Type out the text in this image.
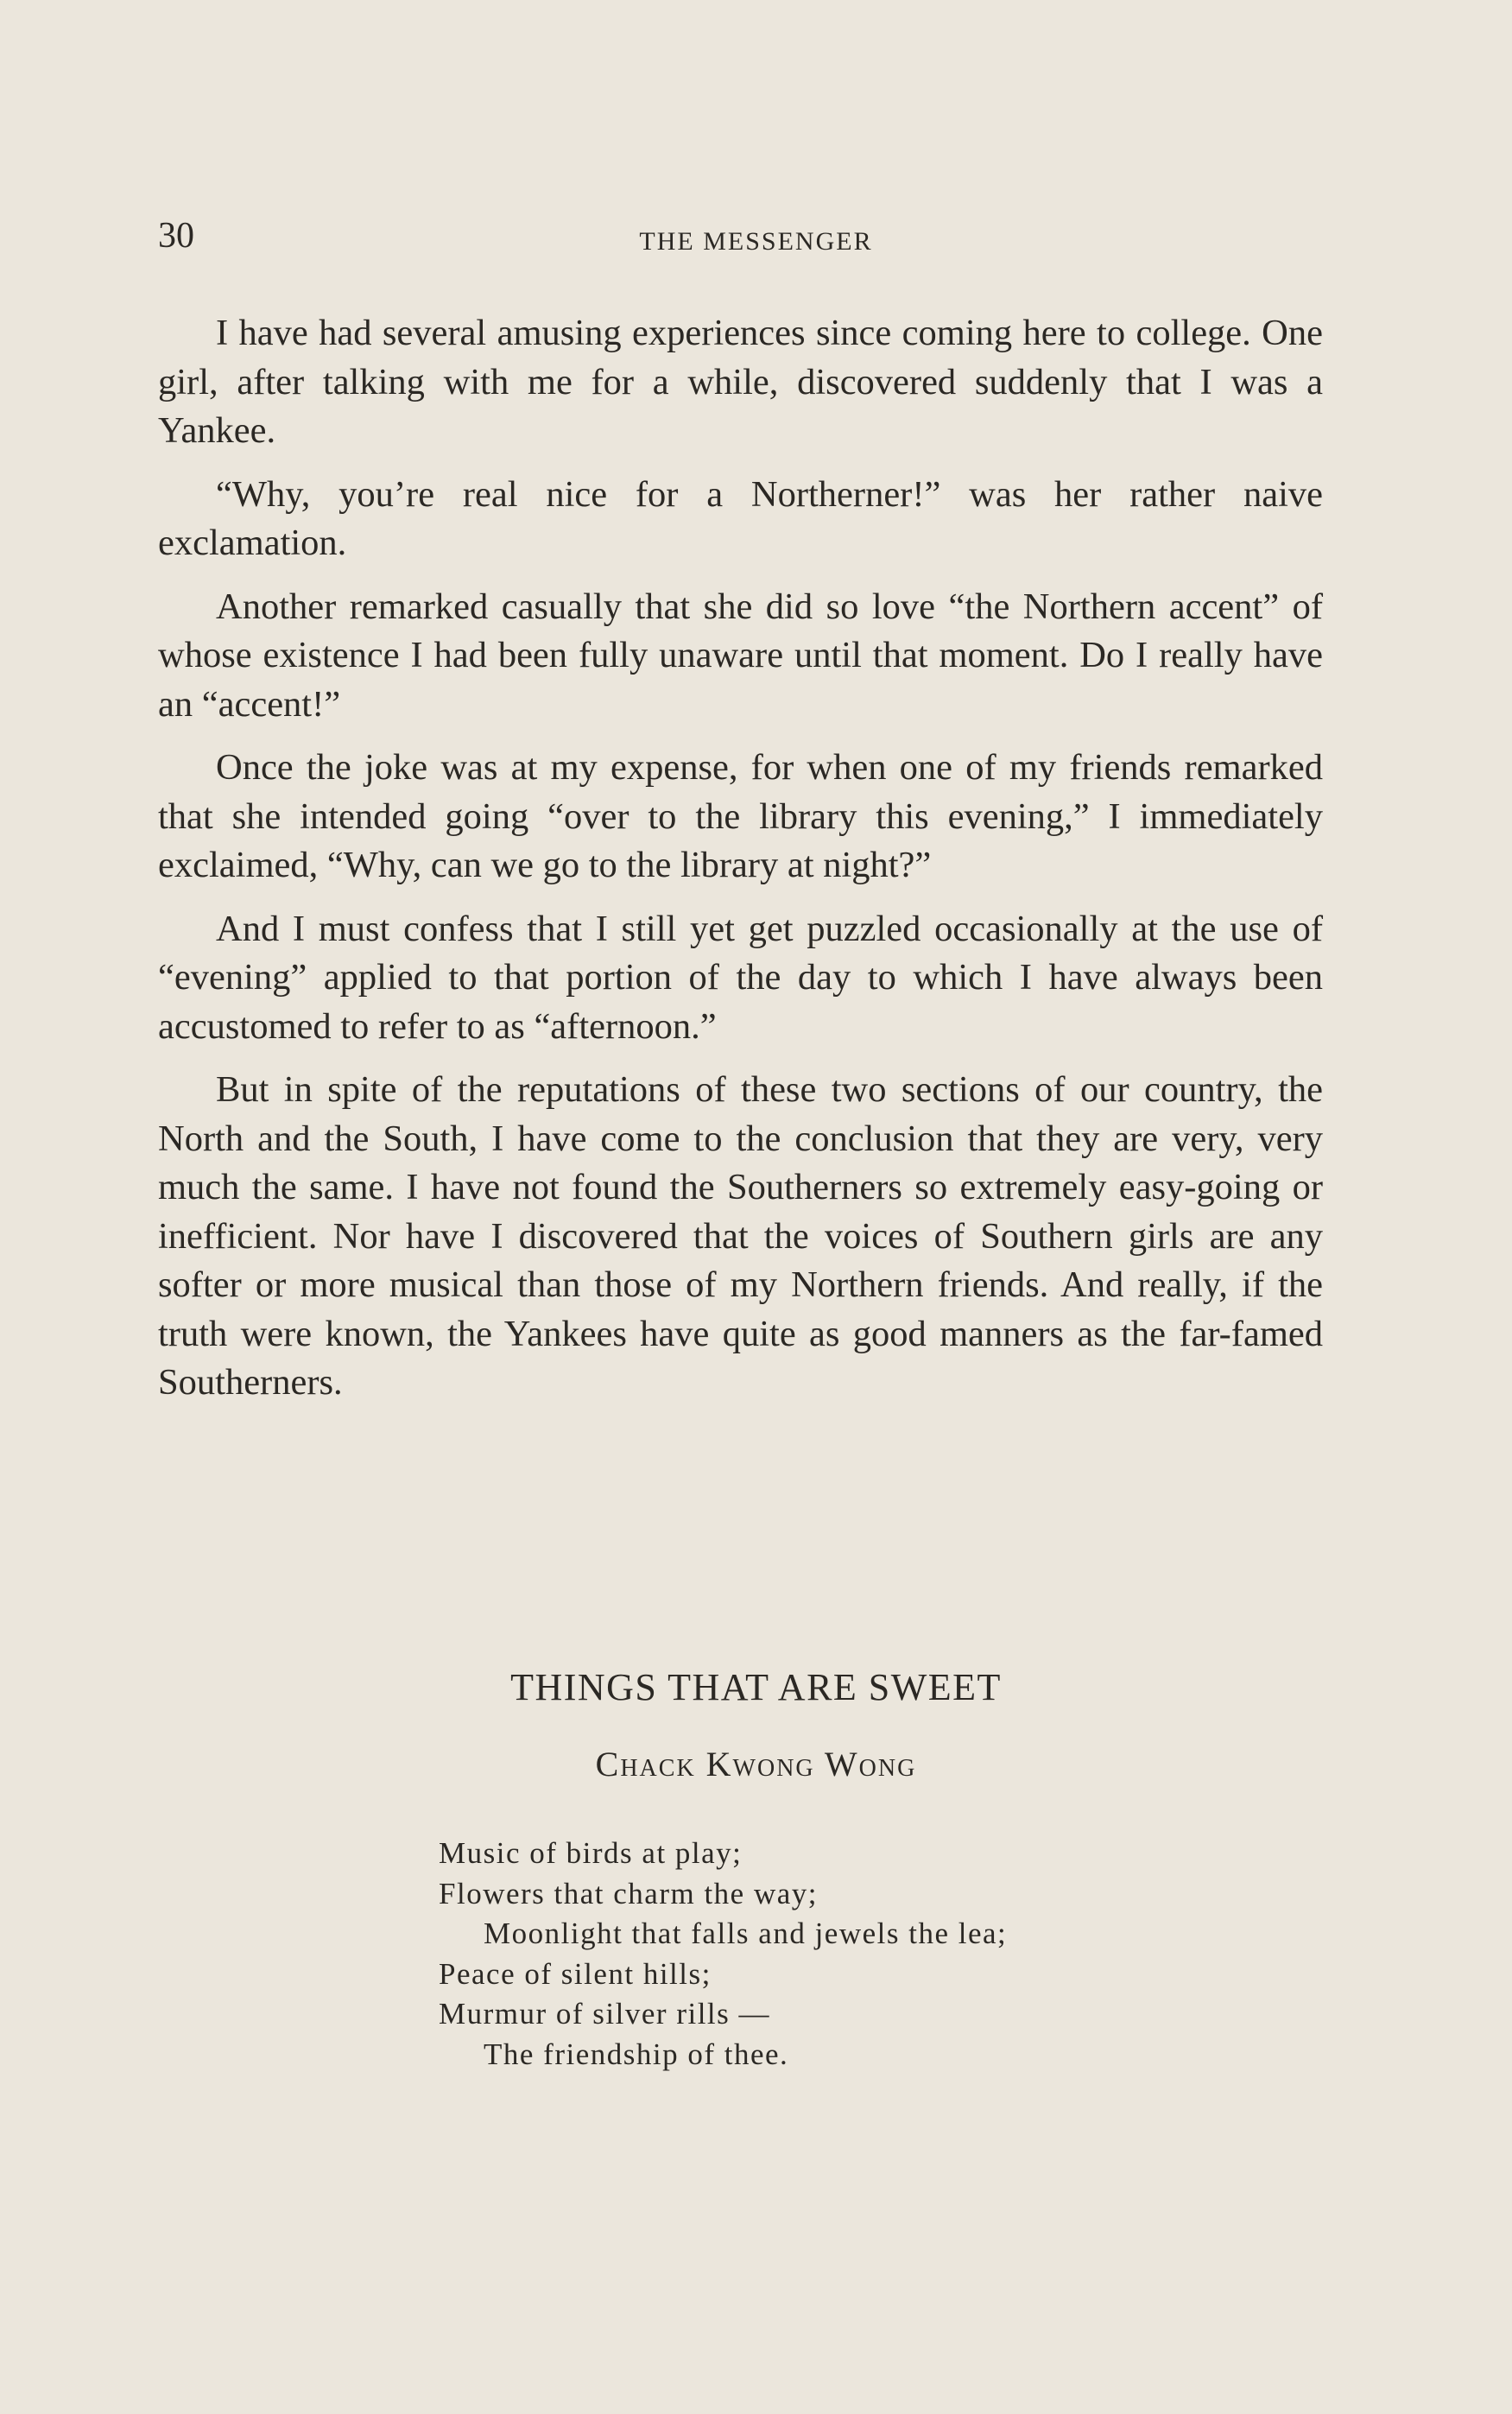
30	THE MESSENGER

I have had several amusing experiences since coming here to college. One girl, after talking with me for a while, discovered suddenly that I was a Yankee.

“Why, you’re real nice for a Northerner!” was her rather naive exclamation.

Another remarked casually that she did so love “the Northern accent” of whose existence I had been fully unaware until that moment. Do I really have an “accent!”

Once the joke was at my expense, for when one of my friends remarked that she intended going “over to the library this evening,” I immediately exclaimed, “Why, can we go to the library at night?”

And I must confess that I still yet get puzzled occasionally at the use of “evening” applied to that portion of the day to which I have always been accustomed to refer to as “afternoon.”

But in spite of the reputations of these two sections of our country, the North and the South, I have come to the conclusion that they are very, very much the same. I have not found the Southerners so extremely easy-going or inefficient. Nor have I discovered that the voices of Southern girls are any softer or more musical than those of my Northern friends. And really, if the truth were known, the Yankees have quite as good manners as the far-famed Southerners.

THINGS THAT ARE SWEET
Chack Kwong Wong
Music of birds at play;
Flowers that charm the way;
Moonlight that falls and jewels the lea;
Peace of silent hills;
Murmur of silver rills —
The friendship of thee.
